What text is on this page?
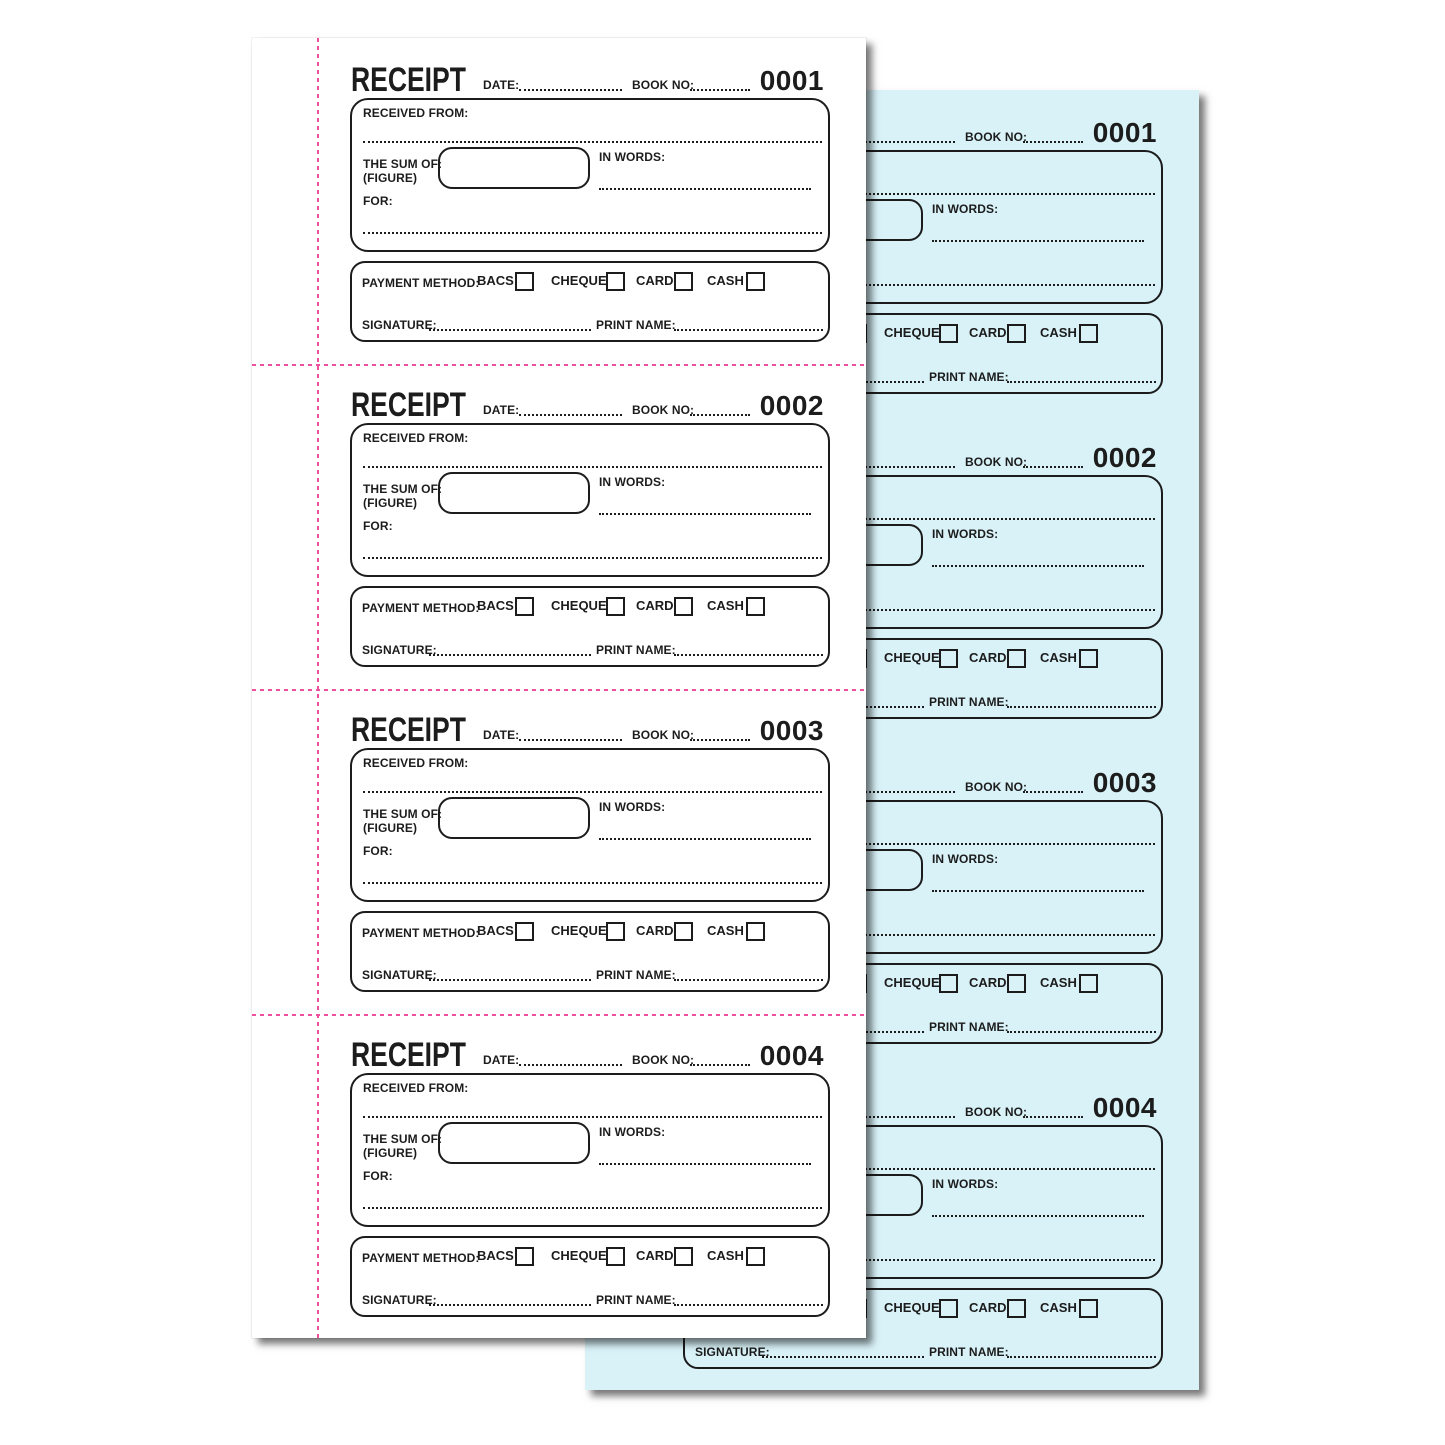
BOOK NO:	0001
IN WORDS:
CHEQUE CARD	CASH
PRINT NAME:
BOOK NO:	0002
IN WORDS:
CHEQUE CARD	CASH
PRINT NAME:
BOOK NO:	0003
IN WORDS:
CHEQUE CARD	CASH
PRINT NAME:
BOOK NO:	0004
IN WORDS:
CHEQUE CARD	CASH
SIGNATURE:	PRINT NAME:
RECEIPT DATE:	BOOK NO:	0001
RECEIVED FROM:
THE SUM OF:
(FIGURE)
IN WORDS:
FOR:
PAYMENT METHOD:
BACS	CHEQUE CARD	CASH
SIGNATURE:	PRINT NAME:
RECEIPT DATE:	BOOK NO:	0002
RECEIVED FROM:
THE SUM OF:
(FIGURE)
IN WORDS:
FOR:
PAYMENT METHOD:
BACS	CHEQUE CARD	CASH
SIGNATURE:	PRINT NAME:
RECEIPT DATE:	BOOK NO:	0003
RECEIVED FROM:
THE SUM OF:
(FIGURE)
IN WORDS:
FOR:
PAYMENT METHOD:
BACS	CHEQUE CARD	CASH
SIGNATURE:	PRINT NAME:
RECEIPT DATE:	BOOK NO:	0004
RECEIVED FROM:
THE SUM OF:
(FIGURE)
IN WORDS:
FOR:
PAYMENT METHOD:
BACS	CHEQUE CARD	CASH
SIGNATURE:	PRINT NAME:
